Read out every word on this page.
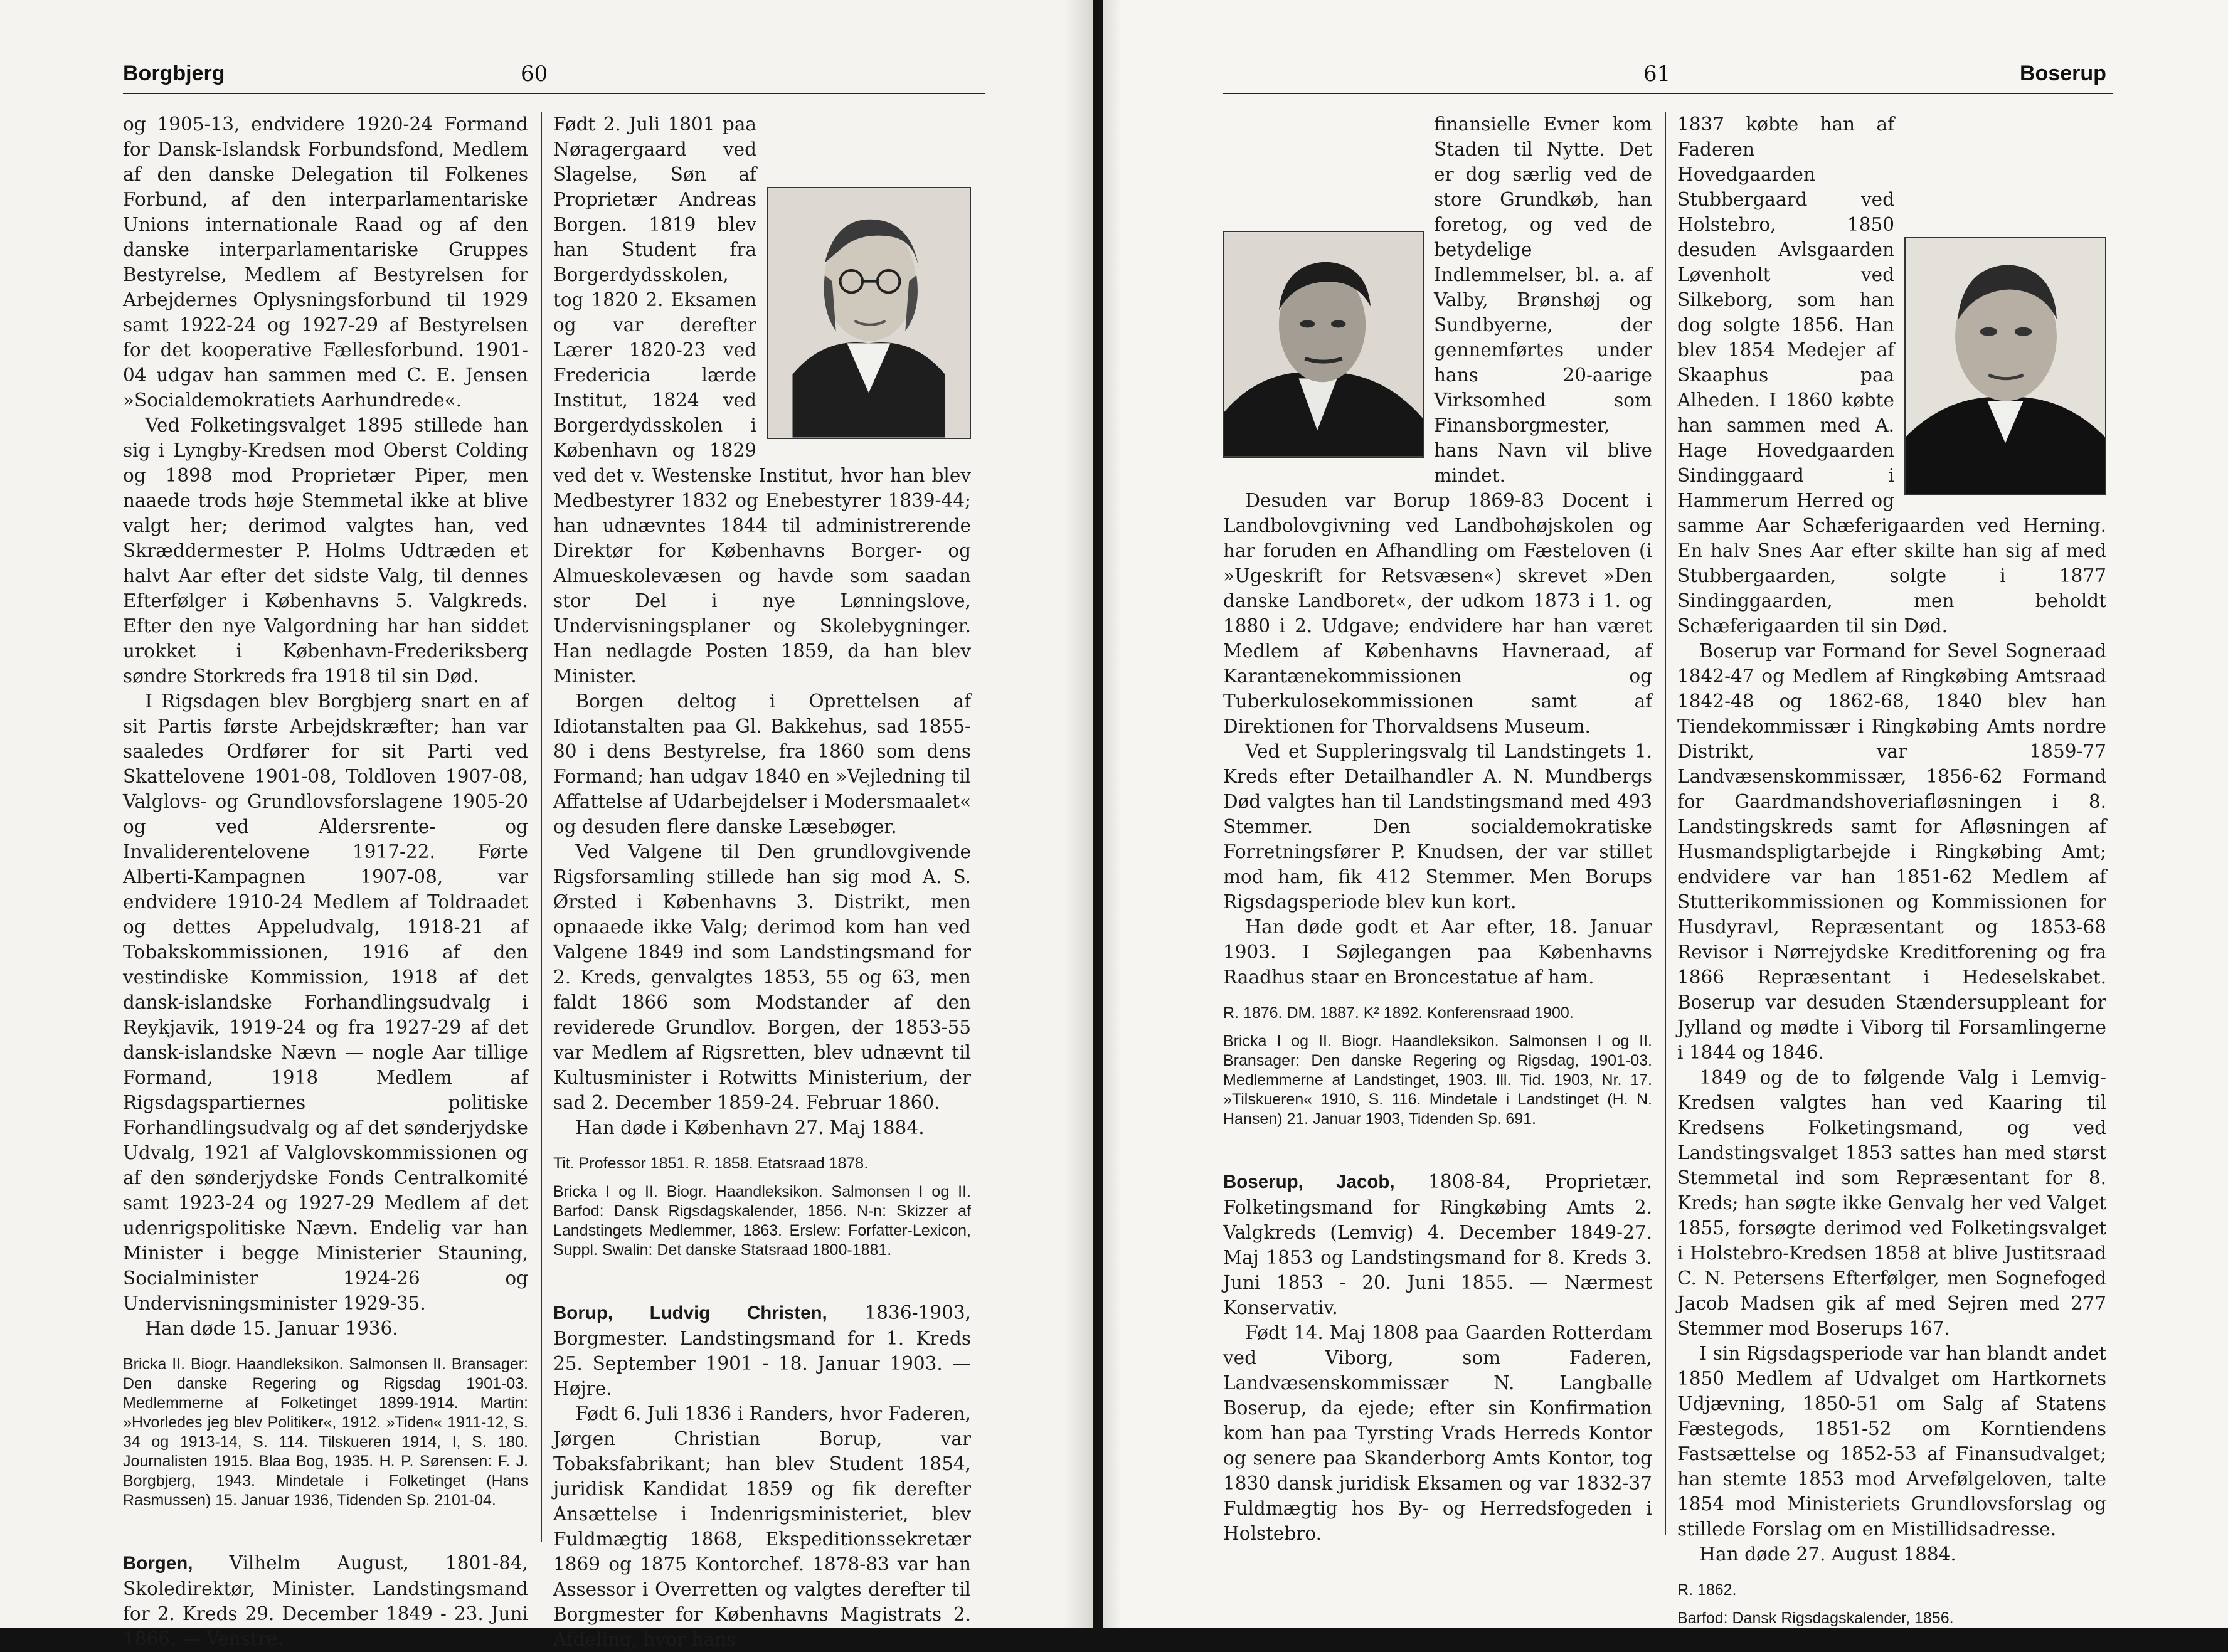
Borgbjerg	60

og 1905-13, endvidere 1920-24 Formand for Dansk-Islandsk Forbundsfond, Medlem af den danske Delegation til Folkenes Forbund, af den interparlamentariske Unions internationale Raad og af den danske interparlamentariske Gruppes Bestyrelse, Medlem af Bestyrelsen for Arbejdernes Oplysningsforbund til 1929 samt 1922-24 og 1927-29 af Bestyrelsen for det kooperative Fællesforbund. 1901-04 udgav han sammen med C. E. Jensen »Socialdemokratiets Aarhundrede«.

Ved Folketingsvalget 1895 stillede han sig i Lyngby-Kredsen mod Oberst Colding og 1898 mod Proprietær Piper, men naaede trods høje Stemmetal ikke at blive valgt her; derimod valgtes han, ved Skræddermester P. Holms Udtræden et halvt Aar efter det sidste Valg, til dennes Efterfølger i Københavns 5. Valgkreds. Efter den nye Valgordning har han siddet urokket i København-Frederiksberg søndre Storkreds fra 1918 til sin Død.

I Rigsdagen blev Borgbjerg snart en af sit Partis første Arbejdskræfter; han var saaledes Ordfører for sit Parti ved Skattelovene 1901-08, Toldloven 1907-08, Valglovs- og Grundlovsforslagene 1905-20 og ved Aldersrente- og Invaliderentelovene 1917-22. Førte Alberti-Kampagnen 1907-08, var endvidere 1910-24 Medlem af Toldraadet og dettes Appeludvalg, 1918-21 af Tobakskommissionen, 1916 af den vestindiske Kommission, 1918 af det dansk-islandske Forhandlingsudvalg i Reykjavik, 1919-24 og fra 1927-29 af det dansk-islandske Nævn — nogle Aar tillige Formand, 1918 Medlem af Rigsdagspartiernes politiske Forhandlingsudvalg og af det sønderjydske Udvalg, 1921 af Valglovskommissionen og af den sønderjydske Fonds Centralkomité samt 1923-24 og 1927-29 Medlem af det udenrigspolitiske Nævn. Endelig var han Minister i begge Ministerier Stauning, Socialminister 1924-26 og Undervisningsminister 1929-35.

Han døde 15. Januar 1936.

Bricka II. Biogr. Haandleksikon. Salmonsen II. Bransager: Den danske Regering og Rigsdag 1901-03. Medlemmerne af Folketinget 1899-1914. Martin: »Hvorledes jeg blev Politiker«, 1912. »Tiden« 1911-12, S. 34 og 1913-14, S. 114. Tilskueren 1914, I, S. 180. Journalisten 1915. Blaa Bog, 1935. H. P. Sørensen: F. J. Borgbjerg, 1943. Mindetale i Folketinget (Hans Rasmussen) 15. Januar 1936, Tidenden Sp. 2101-04.

Borgen, Vilhelm August, 1801-84, Skoledirektør, Minister. Landstingsmand for 2. Kreds 29. December 1849 - 23. Juni 1866. — Venstre.

Født 2. Juli 1801 paa Nøragergaard ved Slagelse, Søn af Proprietær Andreas Borgen. 1819 blev han Student fra Borgerdydsskolen, tog 1820 2. Eksamen og var derefter Lærer 1820-23 ved Fredericia lærde Institut, 1824 ved Borgerdydsskolen i København og 1829 ved det v. Westenske Institut, hvor han blev Medbestyrer 1832 og Enebestyrer 1839-44; han udnævntes 1844 til administrerende Direktør for Københavns Borger- og Almueskolevæsen og havde som saadan stor Del i nye Lønningslove, Undervisningsplaner og Skolebygninger. Han nedlagde Posten 1859, da han blev Minister.

Borgen deltog i Oprettelsen af Idiotanstalten paa Gl. Bakkehus, sad 1855-80 i dens Bestyrelse, fra 1860 som dens Formand; han udgav 1840 en »Vejledning til Affattelse af Udarbejdelser i Modersmaalet« og desuden flere danske Læsebøger.

Ved Valgene til Den grundlovgivende Rigsforsamling stillede han sig mod A. S. Ørsted i Københavns 3. Distrikt, men opnaaede ikke Valg; derimod kom han ved Valgene 1849 ind som Landstingsmand for 2. Kreds, genvalgtes 1853, 55 og 63, men faldt 1866 som Modstander af den reviderede Grundlov. Borgen, der 1853-55 var Medlem af Rigsretten, blev udnævnt til Kultusminister i Rotwitts Ministerium, der sad 2. December 1859-24. Februar 1860.

Han døde i København 27. Maj 1884.

Tit. Professor 1851. R. 1858. Etatsraad 1878.

Bricka I og II. Biogr. Haandleksikon. Salmonsen I og II. Barfod: Dansk Rigsdagskalender, 1856. N-n: Skizzer af Landstingets Medlemmer, 1863. Erslew: Forfatter-Lexicon, Suppl. Swalin: Det danske Statsraad 1800-1881.

Borup, Ludvig Christen, 1836-1903, Borgmester. Landstingsmand for 1. Kreds 25. September 1901 - 18. Januar 1903. — Højre.

Født 6. Juli 1836 i Randers, hvor Faderen, Jørgen Christian Borup, var Tobaksfabrikant; han blev Student 1854, juridisk Kandidat 1859 og fik derefter Ansættelse i Indenrigsministeriet, blev Fuldmægtig 1868, Ekspeditionssekretær 1869 og 1875 Kontorchef. 1878-83 var han Assessor i Overretten og valgtes derefter til Borgmester for Københavns Magistrats 2. Afdeling, hvor hans

61	Boserup

finansielle Evner kom Staden til Nytte. Det er dog særlig ved de store Grundkøb, han foretog, og ved de betydelige Indlemmelser, bl. a. af Valby, Brønshøj og Sundbyerne, der gennemførtes under hans 20-aarige Virksomhed som Finansborgmester, hans Navn vil blive mindet.

Desuden var Borup 1869-83 Docent i Landbolovgivning ved Landbohøjskolen og har foruden en Afhandling om Fæsteloven (i »Ugeskrift for Retsvæsen«) skrevet »Den danske Landboret«, der udkom 1873 i 1. og 1880 i 2. Udgave; endvidere har han været Medlem af Københavns Havneraad, af Karantænekommissionen og Tuberkulosekommissionen samt af Direktionen for Thorvaldsens Museum.

Ved et Suppleringsvalg til Landstingets 1. Kreds efter Detailhandler A. N. Mundbergs Død valgtes han til Landstingsmand med 493 Stemmer. Den socialdemokratiske Forretningsfører P. Knudsen, der var stillet mod ham, fik 412 Stemmer. Men Borups Rigsdagsperiode blev kun kort.

Han døde godt et Aar efter, 18. Januar 1903. I Søjlegangen paa Københavns Raadhus staar en Broncestatue af ham.

R. 1876. DM. 1887. K² 1892. Konferensraad 1900.

Bricka I og II. Biogr. Haandleksikon. Salmonsen I og II. Bransager: Den danske Regering og Rigsdag, 1901-03. Medlemmerne af Landstinget, 1903. Ill. Tid. 1903, Nr. 17. »Tilskueren« 1910, S. 116. Mindetale i Landstinget (H. N. Hansen) 21. Januar 1903, Tidenden Sp. 691.

Boserup, Jacob, 1808-84, Proprietær. Folketingsmand for Ringkøbing Amts 2. Valgkreds (Lemvig) 4. December 1849-27. Maj 1853 og Landstingsmand for 8. Kreds 3. Juni 1853 - 20. Juni 1855. — Nærmest Konservativ.

Født 14. Maj 1808 paa Gaarden Rotterdam ved Viborg, som Faderen, Landvæsenskommissær N. Langballe Boserup, da ejede; efter sin Konfirmation kom han paa Tyrsting Vrads Herreds Kontor og senere paa Skanderborg Amts Kontor, tog 1830 dansk juridisk Eksamen og var 1832-37 Fuldmægtig hos By- og Herredsfogeden i Holstebro.

1837 købte han af Faderen Hovedgaarden Stubbergaard ved Holstebro, 1850 desuden Avlsgaarden Løvenholt ved Silkeborg, som han dog solgte 1856. Han blev 1854 Medejer af Skaaphus paa Alheden. I 1860 købte han sammen med A. Hage Hovedgaarden Sindinggaard i Hammerum Herred og samme Aar Schæferigaarden ved Herning. En halv Snes Aar efter skilte han sig af med Stubbergaarden, solgte i 1877 Sindinggaarden, men beholdt Schæferigaarden til sin Død.

Boserup var Formand for Sevel Sogneraad 1842-47 og Medlem af Ringkøbing Amtsraad 1842-48 og 1862-68, 1840 blev han Tiendekommissær i Ringkøbing Amts nordre Distrikt, var 1859-77 Landvæsenskommissær, 1856-62 Formand for Gaardmandshoveriafløsningen i 8. Landstingskreds samt for Afløsningen af Husmandspligtarbejde i Ringkøbing Amt; endvidere var han 1851-62 Medlem af Stutterikommissionen og Kommissionen for Husdyravl, Repræsentant og 1853-68 Revisor i Nørrejydske Kreditforening og fra 1866 Repræsentant i Hedeselskabet. Boserup var desuden Stændersuppleant for Jylland og mødte i Viborg til Forsamlingerne i 1844 og 1846.

1849 og de to følgende Valg i Lemvig-Kredsen valgtes han ved Kaaring til Kredsens Folketingsmand, og ved Landstingsvalget 1853 sattes han med størst Stemmetal ind som Repræsentant for 8. Kreds; han søgte ikke Genvalg her ved Valget 1855, forsøgte derimod ved Folketingsvalget i Holstebro-Kredsen 1858 at blive Justitsraad C. N. Petersens Efterfølger, men Sognefoged Jacob Madsen gik af med Sejren med 277 Stemmer mod Boserups 167.

I sin Rigsdagsperiode var han blandt andet 1850 Medlem af Udvalget om Hartkornets Udjævning, 1850-51 om Salg af Statens Fæstegods, 1851-52 om Korntiendens Fastsættelse og 1852-53 af Finansudvalget; han stemte 1853 mod Arvefølgeloven, talte 1854 mod Ministeriets Grundlovsforslag og stillede Forslag om en Mistillidsadresse.

Han døde 27. August 1884.

R. 1862.

Barfod: Dansk Rigsdagskalender, 1856.
